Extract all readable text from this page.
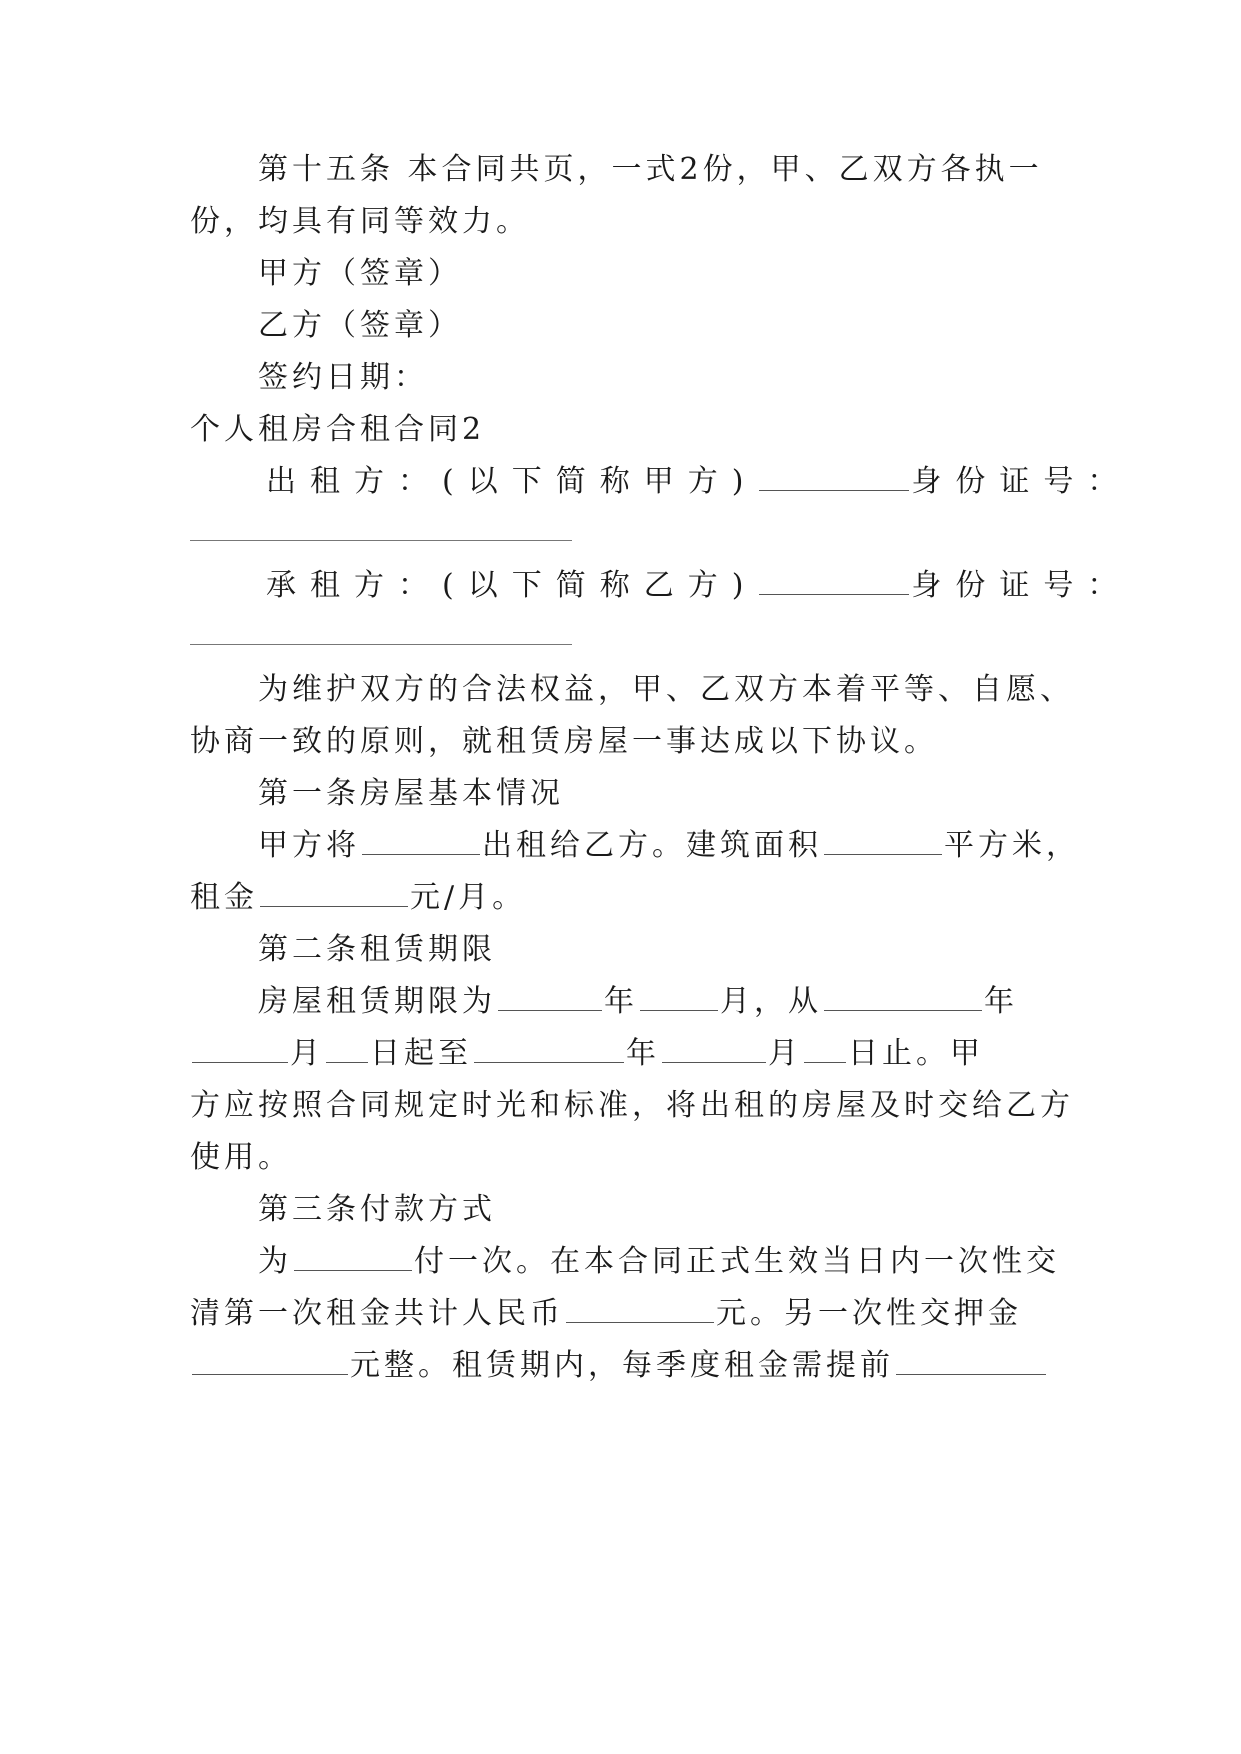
第十五条 本合同共页，一式2份，甲、乙双方各执一
份，均具有同等效力。
甲方（签章）
乙方（签章）
签约日期：
个人租房合租合同2
出租方：(以下简称甲方)	身份证号：
承租方：(以下简称乙方)	身份证号：
为维护双方的合法权益，甲、乙双方本着平等、自愿、
协商一致的原则，就租赁房屋一事达成以下协议。
第一条房屋基本情况
甲方将	出租给乙方。建筑面积	平方米，
租金	元/月。
第二条租赁期限
房屋租赁期限为	年	月，从	年
月 日起至	年	月 日止。甲
方应按照合同规定时光和标准，将出租的房屋及时交给乙方
使用。
第三条付款方式
为	付一次。在本合同正式生效当日内一次性交
清第一次租金共计人民币	元。另一次性交押金
元整。租赁期内，每季度租金需提前
